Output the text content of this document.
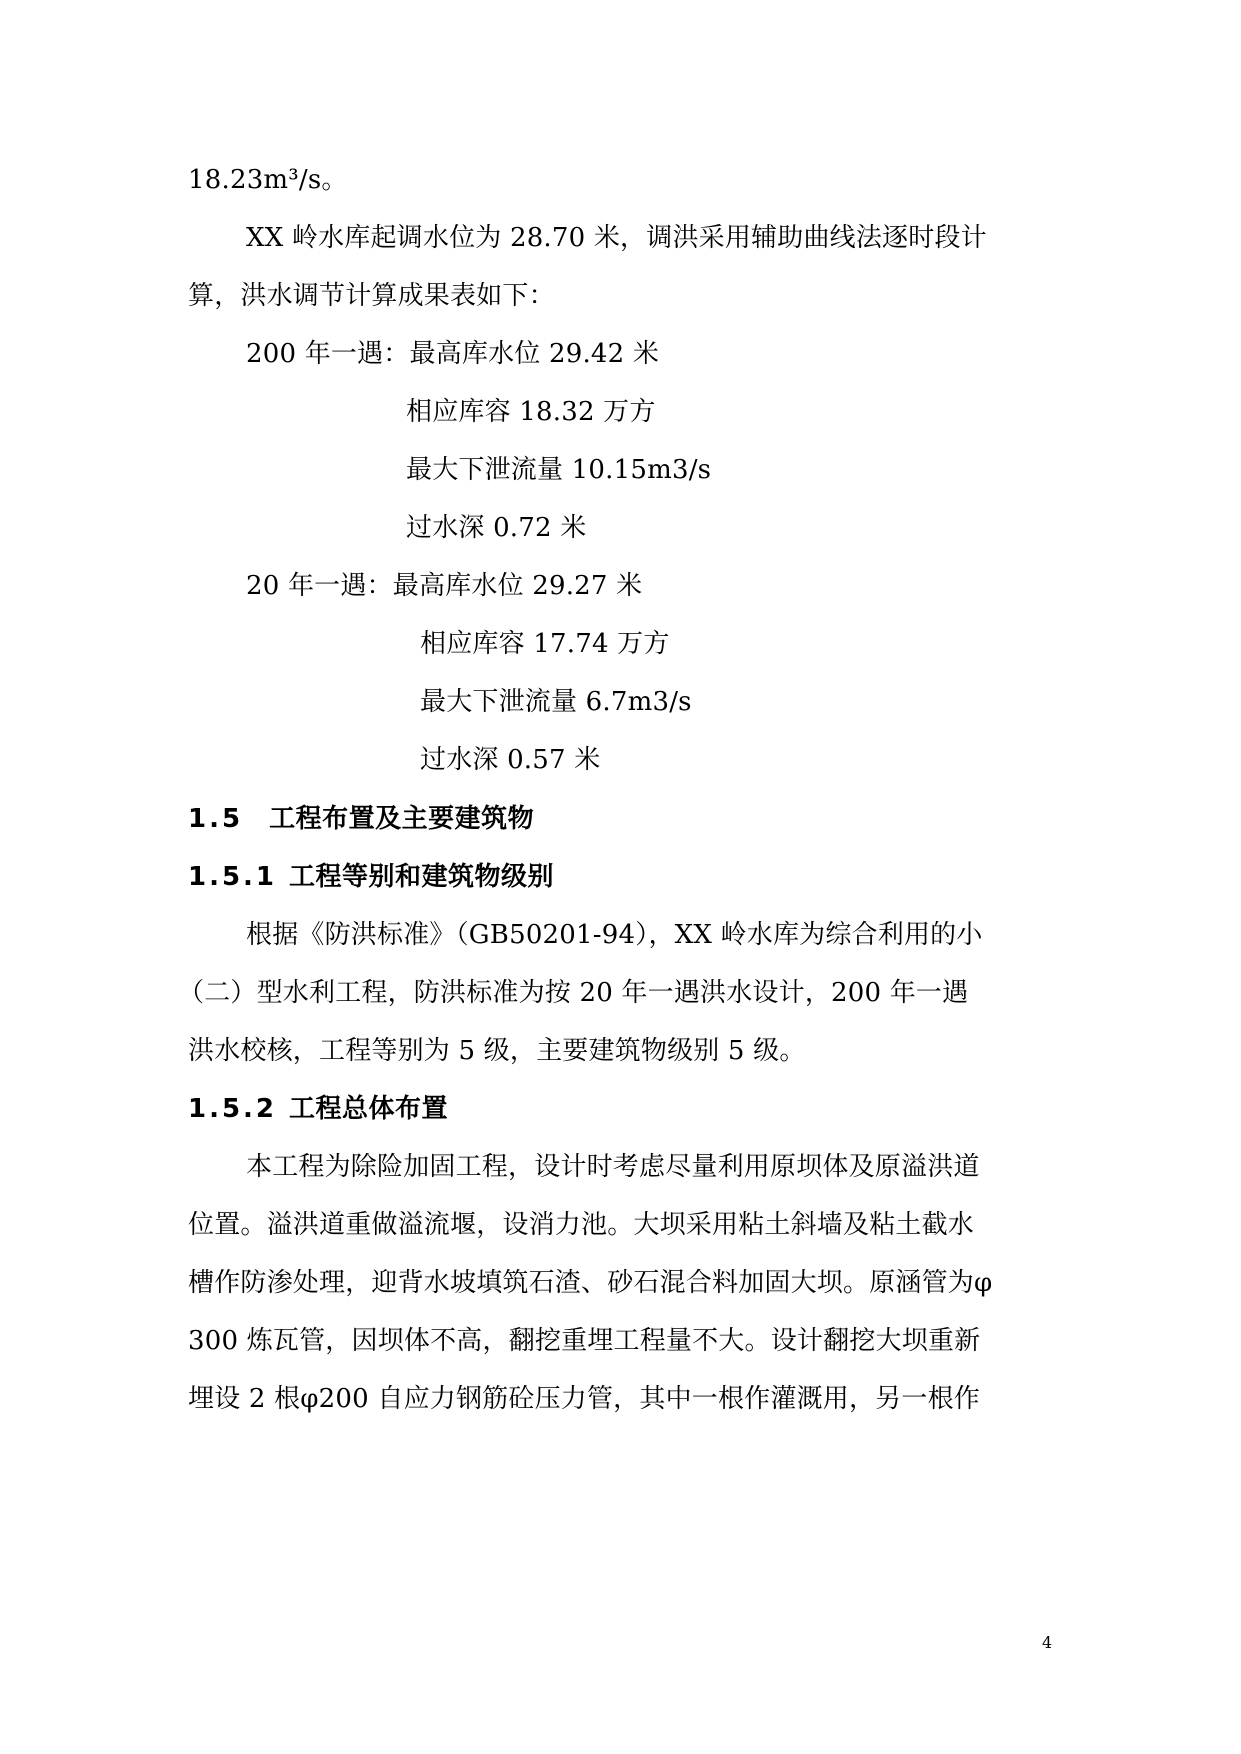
18.23m³/s。
XX 岭水库起调水位为 28.70 米，调洪采用辅助曲线法逐时段计
算，洪水调节计算成果表如下：
200 年一遇：最高库水位 29.42 米
相应库容 18.32 万方
最大下泄流量 10.15m3/s
过水深 0.72 米
20 年一遇：最高库水位 29.27 米
相应库容 17.74 万方
最大下泄流量 6.7m3/s
过水深 0.57 米
1.5 工程布置及主要建筑物
1.5.1 工程等别和建筑物级别
根据《防洪标准》（GB50201-94），XX 岭水库为综合利用的小
（二）型水利工程，防洪标准为按 20 年一遇洪水设计，200 年一遇
洪水校核，工程等别为 5 级，主要建筑物级别 5 级。
1.5.2 工程总体布置
本工程为除险加固工程，设计时考虑尽量利用原坝体及原溢洪道
位置。溢洪道重做溢流堰，设消力池。大坝采用粘土斜墙及粘土截水
槽作防渗处理，迎背水坡填筑石渣、砂石混合料加固大坝。原涵管为φ
300 炼瓦管，因坝体不高，翻挖重埋工程量不大。设计翻挖大坝重新
埋设 2 根φ200 自应力钢筋砼压力管，其中一根作灌溉用，另一根作
4
